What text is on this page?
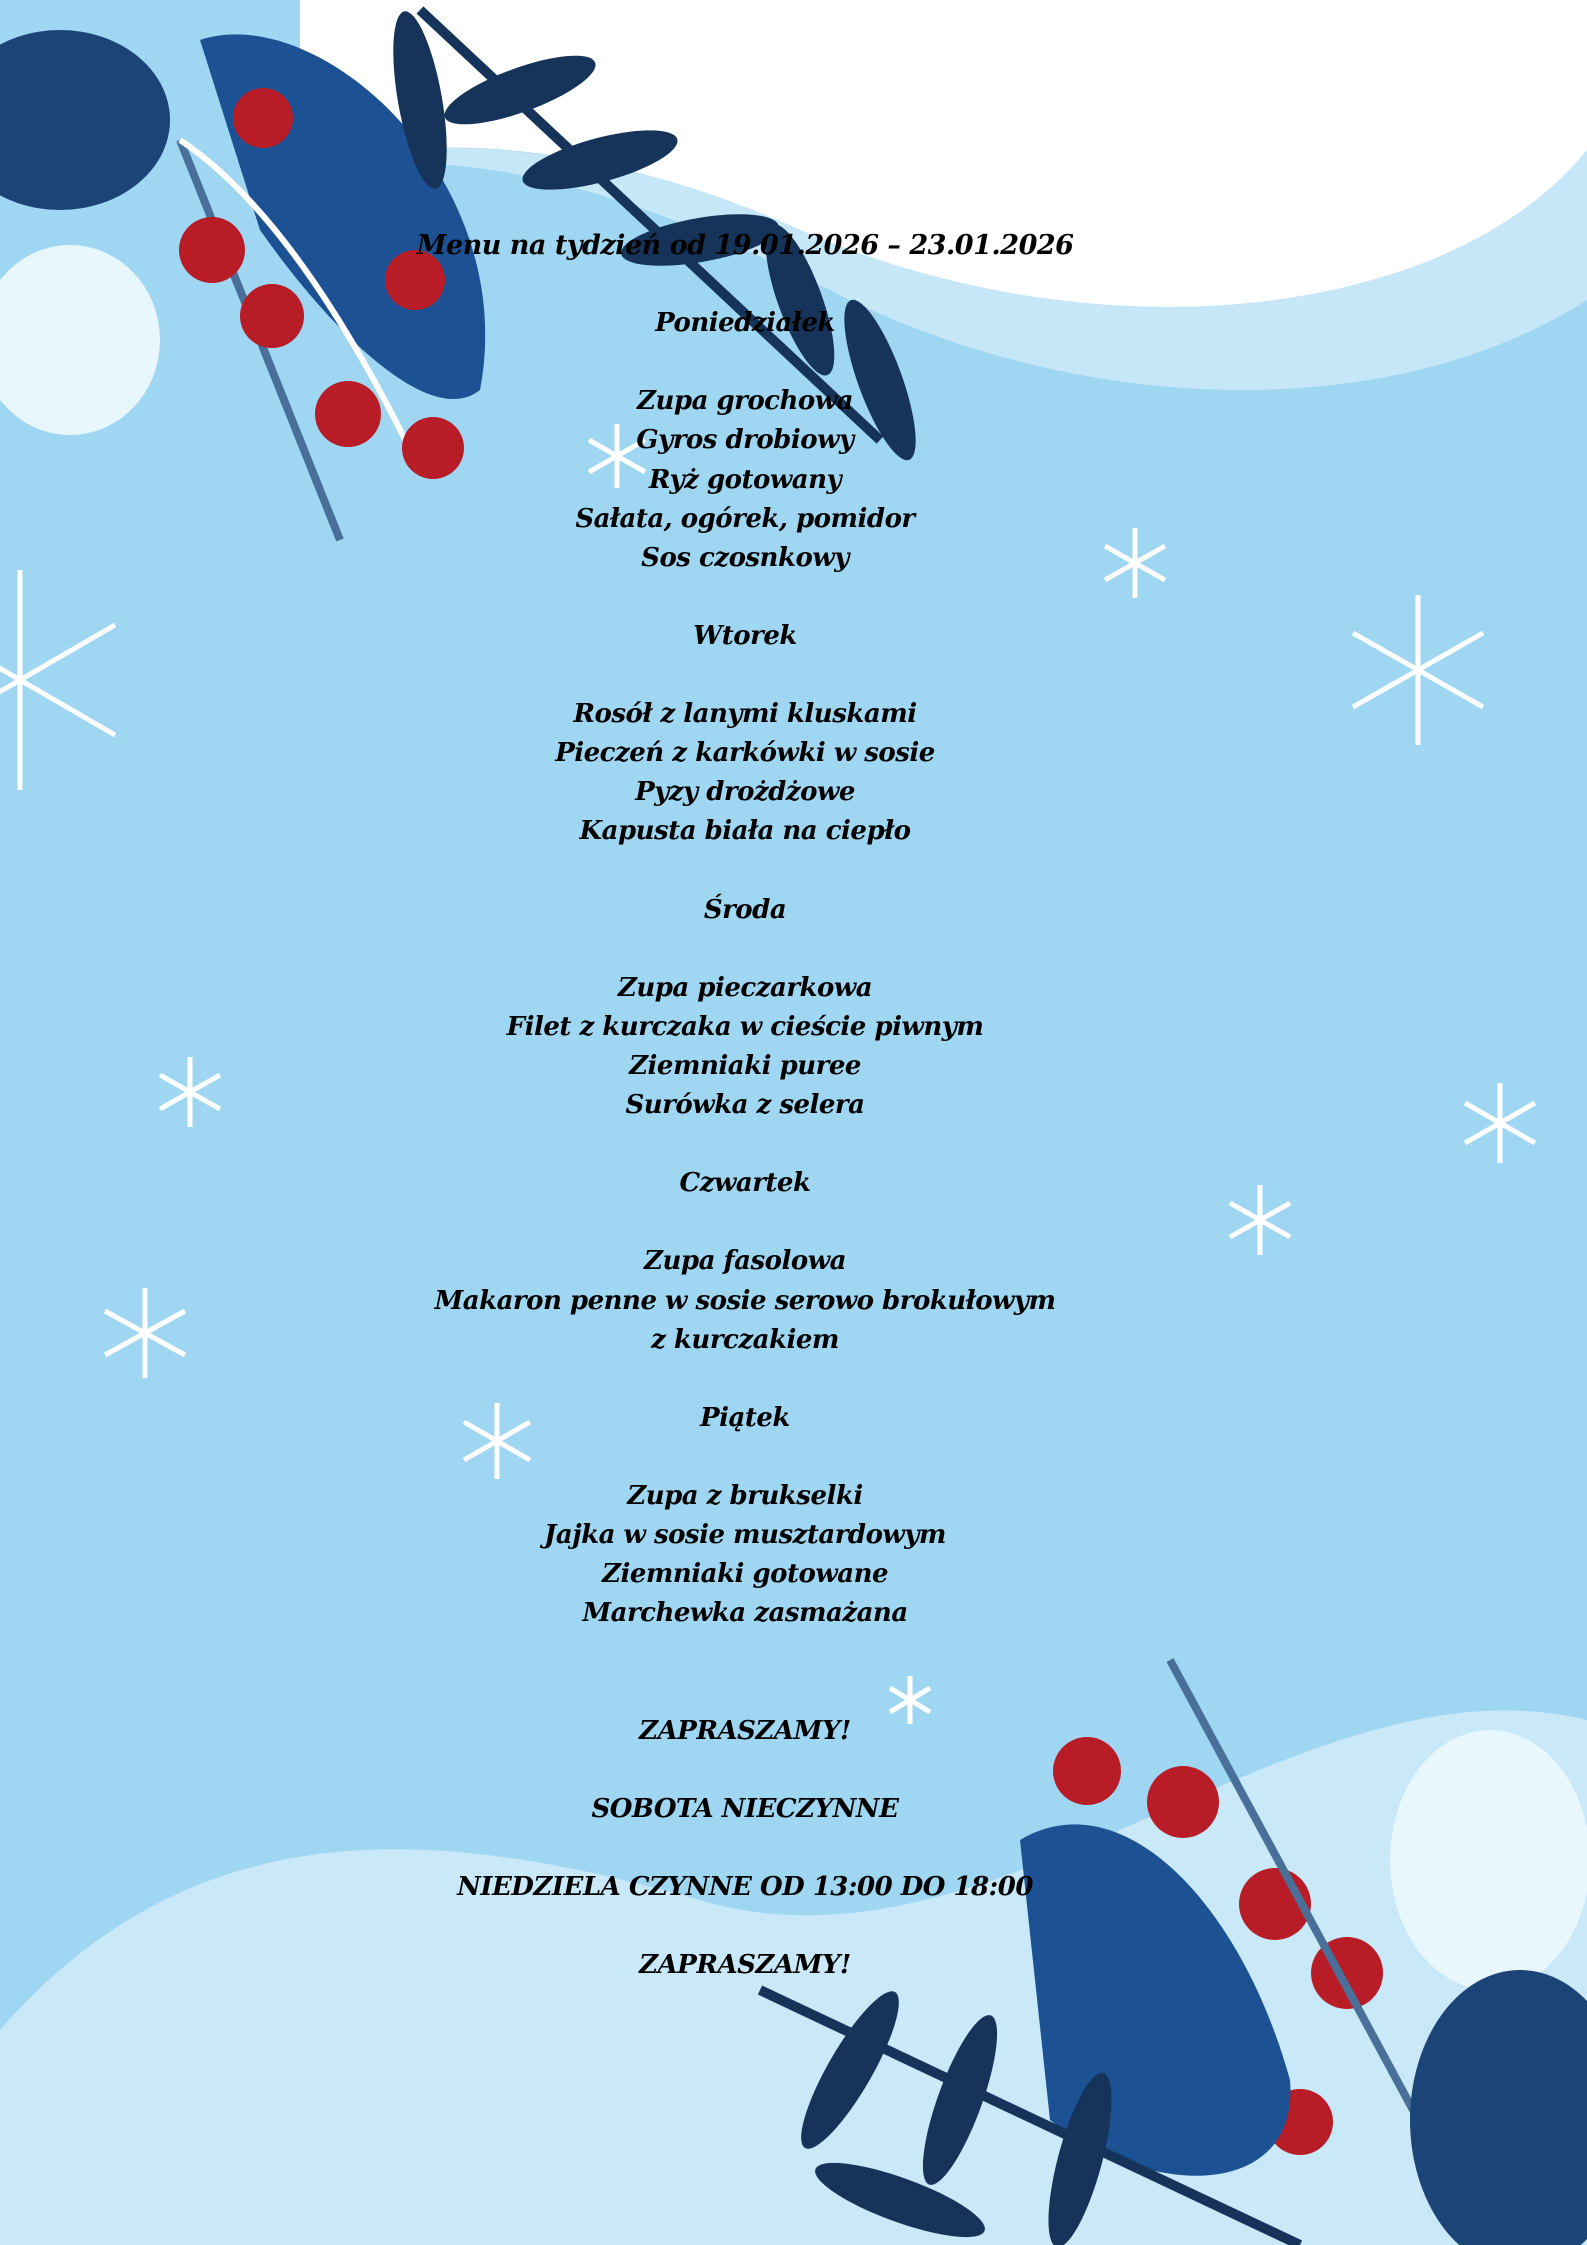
Menu na tydzień od 19.01.2026 – 23.01.2026
Poniedziałek
Zupa grochowa
Gyros drobiowy
Ryż gotowany
Sałata, ogórek, pomidor
Sos czosnkowy
Wtorek
Rosół z lanymi kluskami
Pieczeń z karkówki w sosie
Pyzy drożdżowe
Kapusta biała na ciepło
Środa
Zupa pieczarkowa
Filet z kurczaka w cieście piwnym
Ziemniaki puree
Surówka z selera
Czwartek
Zupa fasolowa
Makaron penne w sosie serowo brokułowym
z kurczakiem
Piątek
Zupa z brukselki
Jajka w sosie musztardowym
Ziemniaki gotowane
Marchewka zasmażana
ZAPRASZAMY!
SOBOTA NIECZYNNE
NIEDZIELA CZYNNE OD 13:00 DO 18:00
ZAPRASZAMY!
